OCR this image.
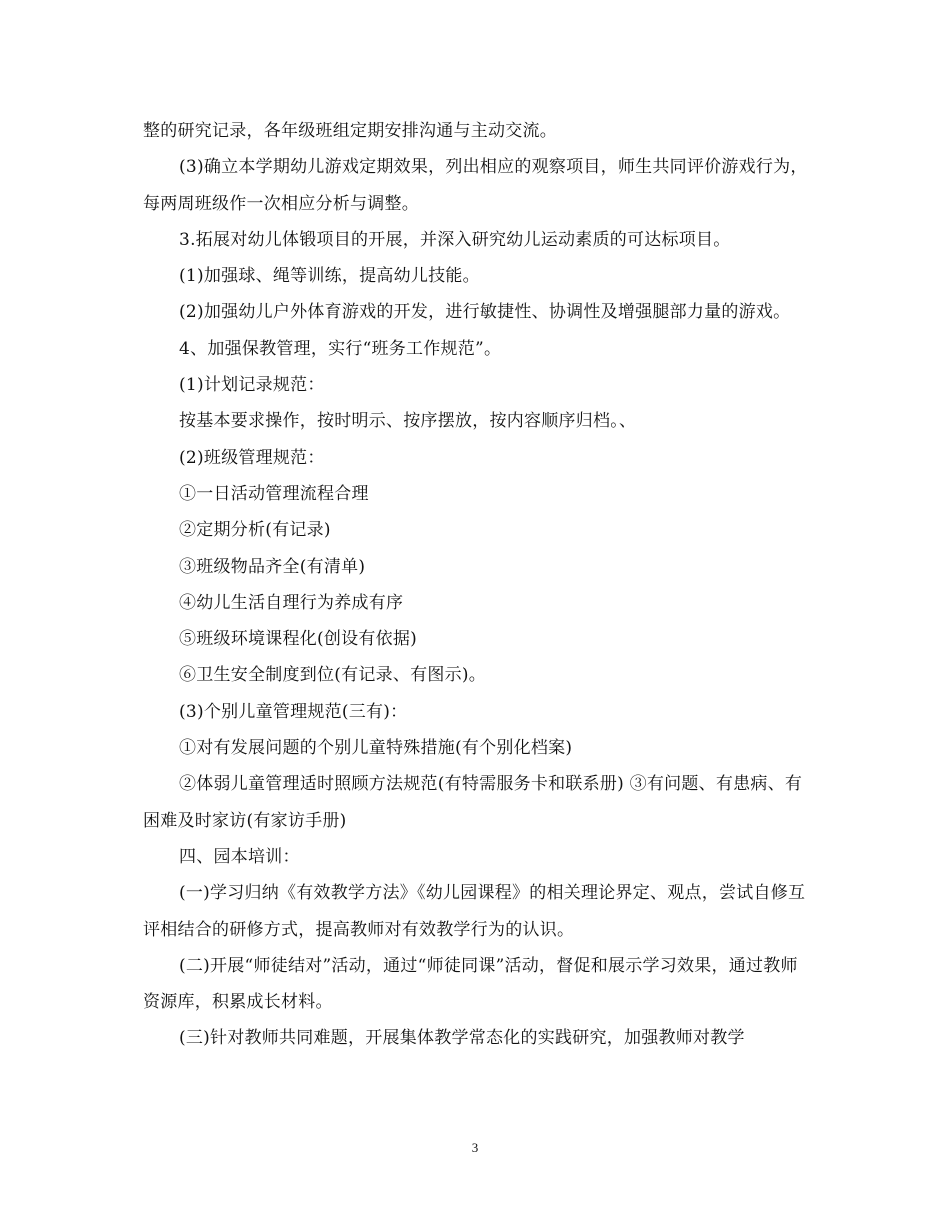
整的研究记录，各年级班组定期安排沟通与主动交流。

(3)确立本学期幼儿游戏定期效果，列出相应的观察项目，师生共同评价游戏行为，每两周班级作一次相应分析与调整。

3.拓展对幼儿体锻项目的开展，并深入研究幼儿运动素质的可达标项目。

(1)加强球、绳等训练，提高幼儿技能。

(2)加强幼儿户外体育游戏的开发，进行敏捷性、协调性及增强腿部力量的游戏。

4、加强保教管理，实行“班务工作规范”。

(1)计划记录规范：

按基本要求操作，按时明示、按序摆放，按内容顺序归档。、

(2)班级管理规范：

①一日活动管理流程合理

②定期分析(有记录)

③班级物品齐全(有清单)

④幼儿生活自理行为养成有序

⑤班级环境课程化(创设有依据)

⑥卫生安全制度到位(有记录、有图示)。

(3)个别儿童管理规范(三有)：

①对有发展问题的个别儿童特殊措施(有个别化档案)

②体弱儿童管理适时照顾方法规范(有特需服务卡和联系册) ③有问题、有患病、有困难及时家访(有家访手册)

四、园本培训：

(一)学习归纳《有效教学方法》《幼儿园课程》的相关理论界定、观点，尝试自修互评相结合的研修方式，提高教师对有效教学行为的认识。

(二)开展“师徒结对”活动，通过“师徒同课”活动，督促和展示学习效果，通过教师资源库，积累成长材料。

(三)针对教师共同难题，开展集体教学常态化的实践研究，加强教师对教学

3
